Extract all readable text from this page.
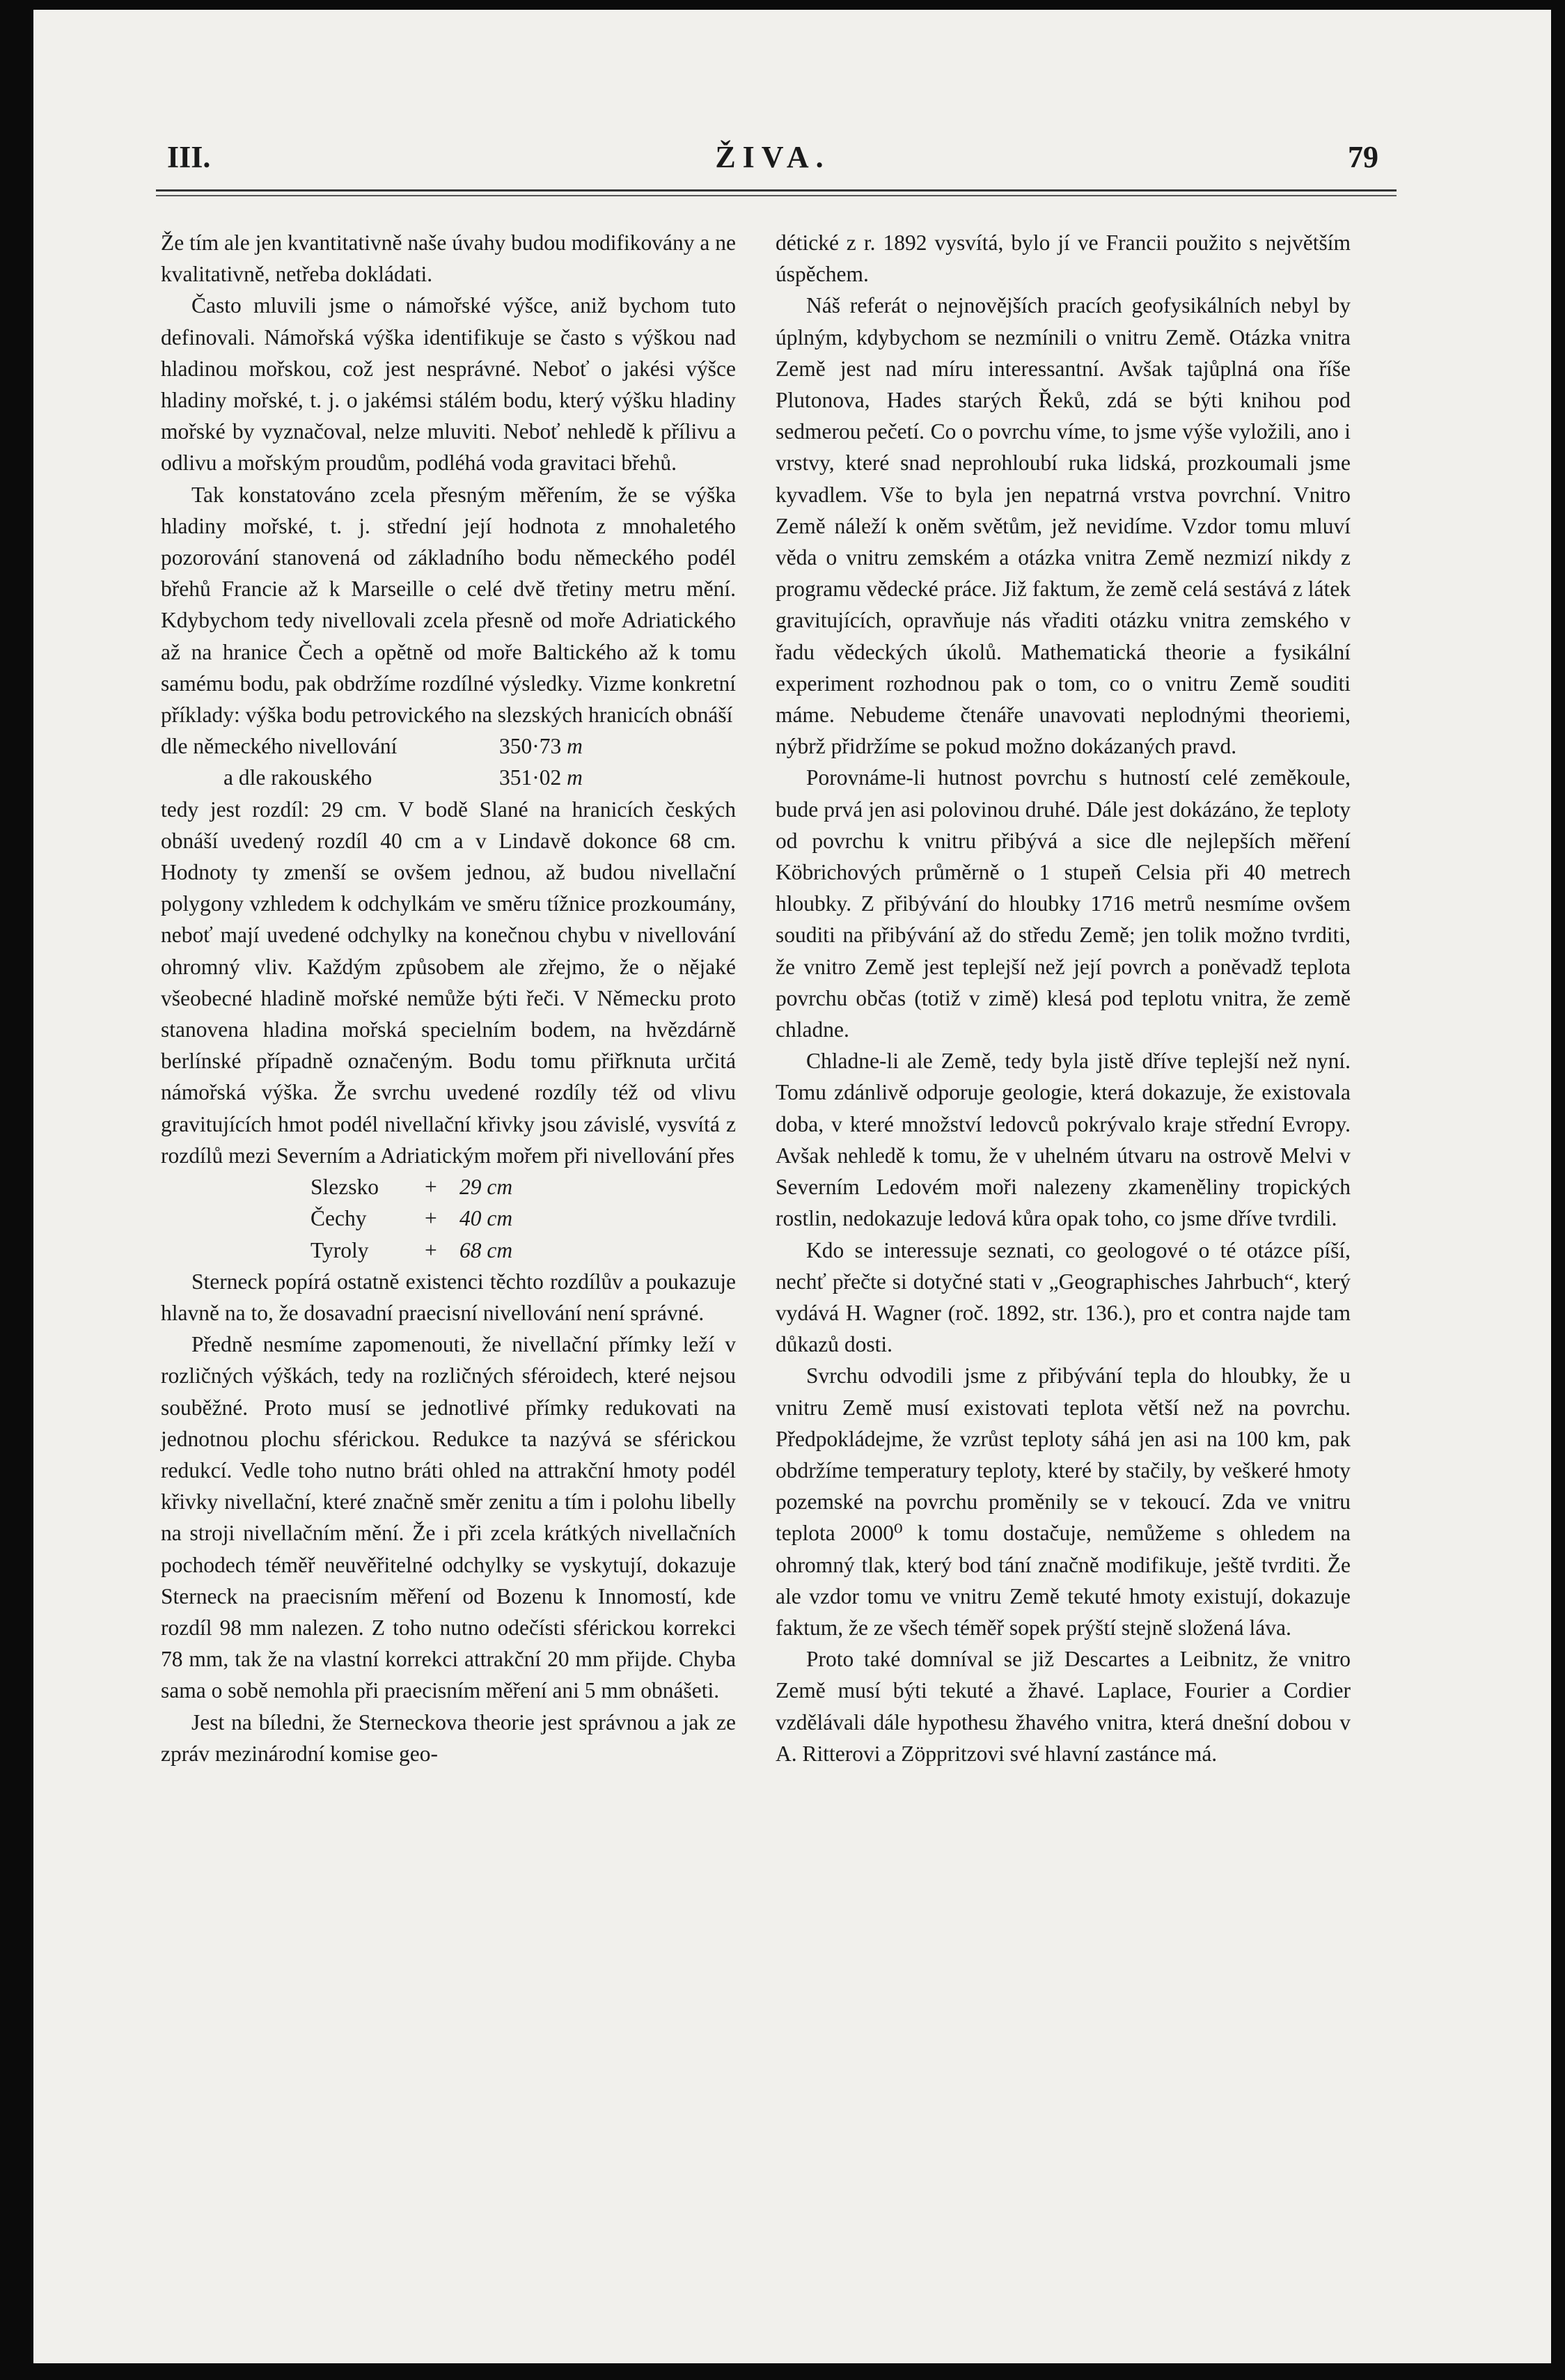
III.	ŽIVA.	79

Že tím ale jen kvantitativně naše úvahy budou modifikovány a ne kvalitativně, netřeba dokládati.

Často mluvili jsme o námořské výšce, aniž bychom tuto definovali. Námořská výška identifikuje se často s výškou nad hladinou mořskou, což jest nesprávné. Neboť o jakési výšce hladiny mořské, t. j. o jakémsi stálém bodu, který výšku hladiny mořské by vyznačoval, nelze mluviti. Neboť nehledě k přílivu a odlivu a mořským proudům, podléhá voda gravitaci břehů.

Tak konstatováno zcela přesným měřením, že se výška hladiny mořské, t. j. střední její hodnota z mnohaletého pozorování stanovená od základního bodu německého podél břehů Francie až k Marseille o celé dvě třetiny metru mění. Kdybychom tedy nivellovali zcela přesně od moře Adriatického až na hranice Čech a opětně od moře Baltického až k tomu samému bodu, pak obdržíme rozdílné výsledky. Vizme konkretní příklady: výška bodu petrovického na slezských hranicích obnáší

dle německého nivellování	350·73 m
a dle rakouského	351·02 m

tedy jest rozdíl: 29 cm. V bodě Slané na hranicích českých obnáší uvedený rozdíl 40 cm a v Lindavě dokonce 68 cm. Hodnoty ty zmenší se ovšem jednou, až budou nivellační polygony vzhledem k odchylkám ve směru tížnice prozkoumány, neboť mají uvedené odchylky na konečnou chybu v nivellování ohromný vliv. Každým způsobem ale zřejmo, že o nějaké všeobecné hladině mořské nemůže býti řeči. V Německu proto stanovena hladina mořská specielním bodem, na hvězdárně berlínské případně označeným. Bodu tomu přiřknuta určitá námořská výška. Že svrchu uvedené rozdíly též od vlivu gravitujících hmot podél nivellační křivky jsou závislé, vysvítá z rozdílů mezi Severním a Adriatickým mořem při nivellování přes

Slezsko	+	29 cm
Čechy	+	40 cm
Tyroly	+	68 cm

Sterneck popírá ostatně existenci těchto rozdílův a poukazuje hlavně na to, že dosavadní praecisní nivellování není správné.

Předně nesmíme zapomenouti, že nivellační přímky leží v rozličných výškách, tedy na rozličných sféroidech, které nejsou souběžné. Proto musí se jednotlivé přímky redukovati na jednotnou plochu sférickou. Redukce ta nazývá se sférickou redukcí. Vedle toho nutno bráti ohled na attrakční hmoty podél křivky nivellační, které značně směr zenitu a tím i polohu libelly na stroji nivellačním mění. Že i při zcela krátkých nivellačních pochodech téměř neuvěřitelné odchylky se vyskytují, dokazuje Sterneck na praecisním měření od Bozenu k Innomostí, kde rozdíl 98 mm nalezen. Z toho nutno odečísti sférickou korrekci 78 mm, tak že na vlastní korrekci attrakční 20 mm přijde. Chyba sama o sobě nemohla při praecisním měření ani 5 mm obnášeti.

Jest na bíledni, že Sterneckova theorie jest správnou a jak ze zpráv mezinárodní komise geo-

détické z r. 1892 vysvítá, bylo jí ve Francii použito s největším úspěchem.

Náš referát o nejnovějších pracích geofysikálních nebyl by úplným, kdybychom se nezmínili o vnitru Země. Otázka vnitra Země jest nad míru interessantní. Avšak tajůplná ona říše Plutonova, Hades starých Řeků, zdá se býti knihou pod sedmerou pečetí. Co o povrchu víme, to jsme výše vyložili, ano i vrstvy, které snad neprohloubí ruka lidská, prozkoumali jsme kyvadlem. Vše to byla jen nepatrná vrstva povrchní. Vnitro Země náleží k oněm světům, jež nevidíme. Vzdor tomu mluví věda o vnitru zemském a otázka vnitra Země nezmizí nikdy z programu vědecké práce. Již faktum, že země celá sestává z látek gravitujících, opravňuje nás vřaditi otázku vnitra zemského v řadu vědeckých úkolů. Mathematická theorie a fysikální experiment rozhodnou pak o tom, co o vnitru Země souditi máme. Nebudeme čtenáře unavovati neplodnými theoriemi, nýbrž přidržíme se pokud možno dokázaných pravd.

Porovnáme-li hutnost povrchu s hutností celé zeměkoule, bude prvá jen asi polovinou druhé. Dále jest dokázáno, že teploty od povrchu k vnitru přibývá a sice dle nejlepších měření Köbrichových průměrně o 1 stupeň Celsia při 40 metrech hloubky. Z přibývání do hloubky 1716 metrů nesmíme ovšem souditi na přibývání až do středu Země; jen tolik možno tvrditi, že vnitro Země jest teplejší než její povrch a poněvadž teplota povrchu občas (totiž v zimě) klesá pod teplotu vnitra, že země chladne.

Chladne-li ale Země, tedy byla jistě dříve teplejší než nyní. Tomu zdánlivě odporuje geologie, která dokazuje, že existovala doba, v které množství ledovců pokrývalo kraje střední Evropy. Avšak nehledě k tomu, že v uhelném útvaru na ostrově Melvi v Severním Ledovém moři nalezeny zkameněliny tropických rostlin, nedokazuje ledová kůra opak toho, co jsme dříve tvrdili.

Kdo se interessuje seznati, co geologové o té otázce píší, nechť přečte si dotyčné stati v „Geographisches Jahrbuch“, který vydává H. Wagner (roč. 1892, str. 136.), pro et contra najde tam důkazů dosti.

Svrchu odvodili jsme z přibývání tepla do hloubky, že u vnitru Země musí existovati teplota větší než na povrchu. Předpokládejme, že vzrůst teploty sáhá jen asi na 100 km, pak obdržíme temperatury teploty, které by stačily, by veškeré hmoty pozemské na povrchu proměnily se v tekoucí. Zda ve vnitru teplota 2000⁰ k tomu dostačuje, nemůžeme s ohledem na ohromný tlak, který bod tání značně modifikuje, ještě tvrditi. Že ale vzdor tomu ve vnitru Země tekuté hmoty existují, dokazuje faktum, že ze všech téměř sopek prýští stejně složená láva.

Proto také domníval se již Descartes a Leibnitz, že vnitro Země musí býti tekuté a žhavé. Laplace, Fourier a Cordier vzdělávali dále hypothesu žhavého vnitra, která dnešní dobou v A. Ritterovi a Zöppritzovi své hlavní zastánce má.
